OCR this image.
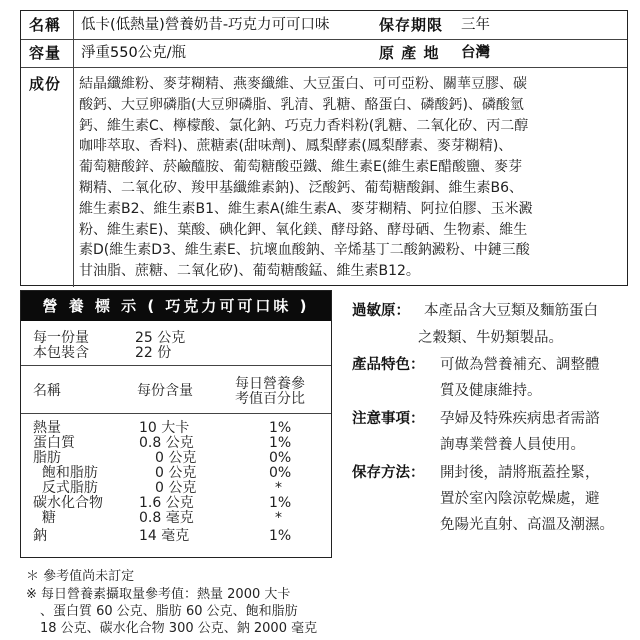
名稱 低卡(低熱量)營養奶昔-巧克力可可口味	保存期限 三年
容量 淨重550公克/瓶	原 產 地 台灣
成份 結晶纖維粉、麥芽糊精、燕麥纖維、大豆蛋白、可可亞粉、關華豆膠、碳
酸鈣、大豆卵磷脂(大豆卵磷脂、乳清、乳糖、酪蛋白、磷酸鈣)、磷酸氫
鈣、維生素C、檸檬酸、氯化鈉、巧克力香料粉(乳糖、二氧化矽、丙二醇
咖啡萃取、香料)、蔗糖素(甜味劑)、鳳梨酵素(鳳梨酵素、麥芽糊精)、
葡萄糖酸鋅、菸鹼醯胺、葡萄糖酸亞鐵、維生素E(維生素E醋酸鹽、麥芽
糊精、二氧化矽、羧甲基纖維素鈉)、泛酸鈣、葡萄糖酸銅、維生素B6、
維生素B2、維生素B1、維生素A(維生素A、麥芽糊精、阿拉伯膠、玉米澱
粉、維生素E)、葉酸、碘化鉀、氧化鎂、酵母鉻、酵母硒、生物素、維生
素D(維生素D3、維生素E、抗壞血酸鈉、辛烯基丁二酸鈉澱粉、中鏈三酸
甘油脂、蔗糖、二氧化矽)、葡萄糖酸錳、維生素B12。
營 養 標 示 ( 巧克力可可口味 )
每一份量	25 公克
本包裝含	22 份
名稱	每份含量	每日營養參
考值百分比
熱量	10 大卡	1%
蛋白質	0.8 公克	1%
脂肪	0 公克	0%
飽和脂肪	0 公克	0%
反式脂肪	0 公克	*
碳水化合物	1.6 公克	1%
糖	0.8 毫克	*
鈉	14 毫克	1%
過敏原： 本產品含大豆類及麵筋蛋白
之穀類、牛奶類製品。
產品特色： 可做為營養補充、調整體
質及健康維持。
注意事項： 孕婦及特殊疾病患者需諮
詢專業營養人員使用。
保存方法： 開封後，請將瓶蓋拴緊，
置於室內陰涼乾燥處，避
免陽光直射、高溫及潮濕。
＊ 參考值尚未訂定
※ 每日營養素攝取量參考值：熱量 2000 大卡
、蛋白質 60 公克、脂肪 60 公克、飽和脂肪
18 公克、碳水化合物 300 公克、鈉 2000 毫克
